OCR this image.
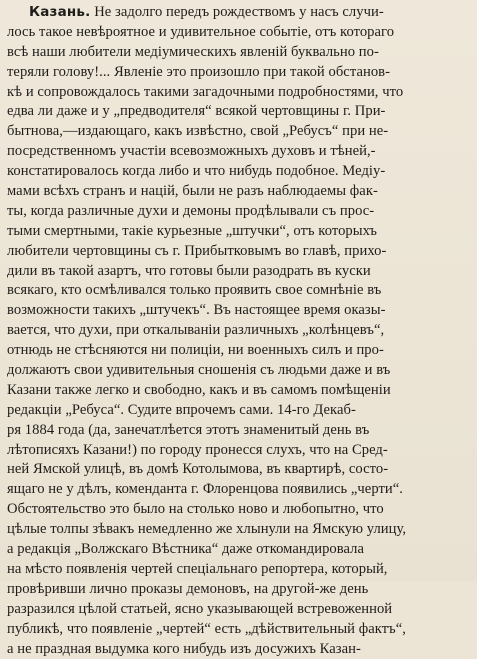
Казань. Не задолго передъ рождествомъ у насъ случи-
лось такое невѣроятное и удивительное событіе, отъ котораго
всѣ наши любители медіумическихъ явленій буквально по-
теряли голову!... Явленіе это произошло при такой обстанов-
кѣ и сопровождалось такими загадочными подробностями, что
едва ли даже и у „предводителя“ всякой чертовщины г. При-
бытнова,—издающаго, какъ извѣстно, свой „Ребусъ“ при не-
посредственномъ участіи всевозможныхъ духовъ и тѣней,-
констатировалось когда либо и что нибудь подобное. Медіу-
мами всѣхъ странъ и націй, были не разъ наблюдаемы фак-
ты, когда различные духи и демоны продѣлывали съ прос-
тыми смертными, такіе курьезные „штучки“, отъ которыхъ
любители чертовщины съ г. Прибытковымъ во главѣ, прихо-
дили въ такой азартъ, что готовы были разодрать въ куски
всякаго, кто осмѣливался только проявить свое сомнѣніе въ
возможности такихъ „штучекъ“. Въ настоящее время оказы-
вается, что духи, при откалываніи различныхъ „колѣнцевъ“,
отнюдь не стѣсняются ни полиціи, ни военныхъ силъ и про-
должаютъ свои удивительныя сношенія съ людьми даже и въ
Казани также легко и свободно, какъ и въ самомъ помѣщеніи
редакціи „Ребуса“. Судите впрочемъ сами. 14-го Декаб-
ря 1884 года (да, занечатлѣется этотъ знаменитый день въ
лѣтописяхъ Казани!) по городу пронесся слухъ, что на Сред-
ней Ямской улицѣ, въ домѣ Котолымова, въ квартирѣ, состо-
ящаго не у дѣлъ, коменданта г. Флоренцова появились „черти“.
Обстоятельство это было на столько ново и любопытно, что
цѣлые толпы зѣвакъ немедленно же хлынули на Ямскую улицу,
а редакція „Волжскаго Вѣстника“ даже откомандировала
на мѣсто появленія чертей спеціальнаго репортера, который,
провѣривши лично проказы демоновъ, на другой-же день
разразился цѣлой статьей, ясно указывающей встревоженной
публикѣ, что появленіе „чертей“ есть „дѣйствительный фактъ“,
а не праздная выдумка кого нибудь изъ досужихъ Казан-
